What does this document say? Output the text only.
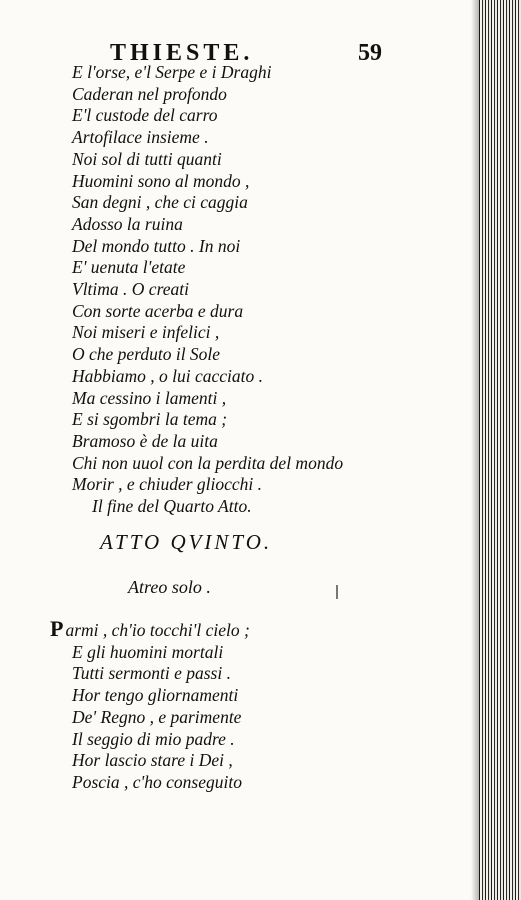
THIESTE.	59
E l'orse, e'l Serpe e i Draghi
Caderan nel profondo
E'l custode del carro
Artofilace insieme .
Noi sol di tutti quanti
Huomini sono al mondo ,
San degni , che ci caggia
Adosso la ruina
Del mondo tutto . In noi
E' uenuta l'etate
Vltima . O creati
Con sorte acerba e dura
Noi miseri e infelici ,
O che perduto il Sole
Habbiamo , o lui cacciato .
Ma cessino i lamenti ,
E si sgombri la tema ;
Bramoso è de la uita
Chi non uuol con la perdita del mondo
Morir , e chiuder gliocchi .
Il fine del Quarto Atto.
ATTO QVINTO.
Atreo solo .
P armi , ch'io tocchi'l cielo ;
E gli huomini mortali
Tutti sermonti e passi .
Hor tengo gliornamenti
De' Regno , e parimente
Il seggio di mio padre .
Hor lascio stare i Dei ,
Poscia , c'ho conseguito
